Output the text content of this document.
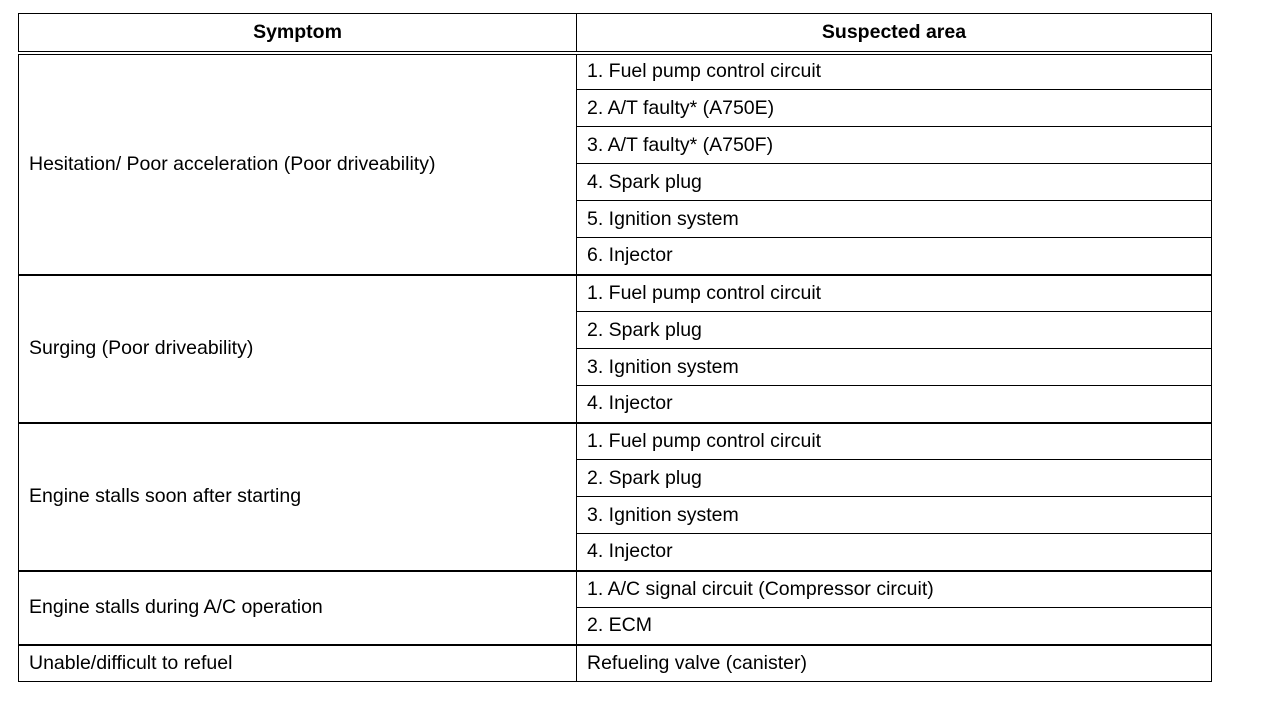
Symptom	Suspected area
Hesitation/ Poor acceleration (Poor driveability)	1. Fuel pump control circuit
	2. A/T faulty* (A750E)
	3. A/T faulty* (A750F)
	4. Spark plug
	5. Ignition system
	6. Injector
Surging (Poor driveability)	1. Fuel pump control circuit
	2. Spark plug
	3. Ignition system
	4. Injector
Engine stalls soon after starting	1. Fuel pump control circuit
	2. Spark plug
	3. Ignition system
	4. Injector
Engine stalls during A/C operation	1. A/C signal circuit (Compressor circuit)
	2. ECM
Unable/difficult to refuel	Refueling valve (canister)
